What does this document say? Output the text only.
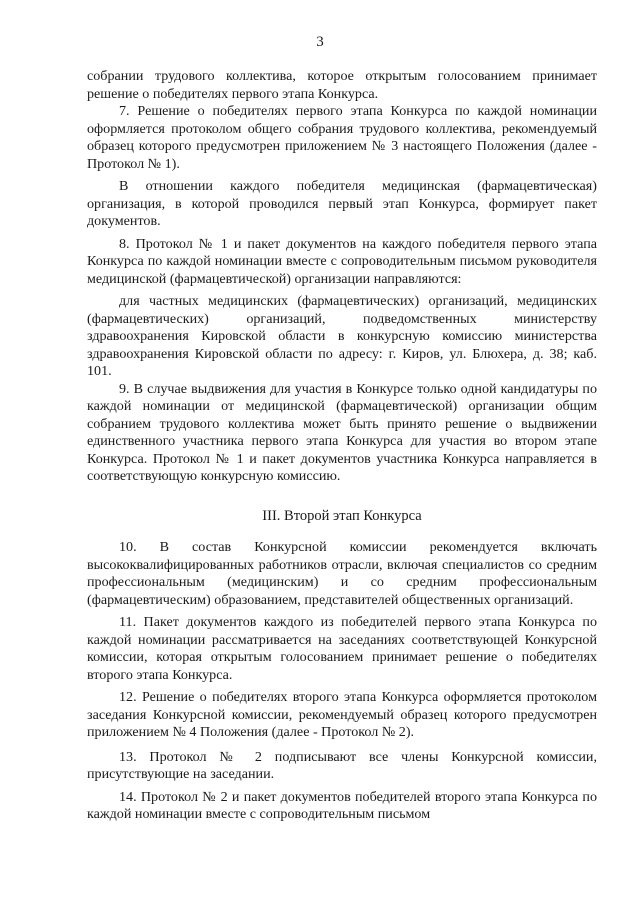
3

собрании трудового коллектива, которое открытым голосованием принимает решение о победителях первого этапа Конкурса.

7. Решение о победителях первого этапа Конкурса по каждой номинации оформляется протоколом общего собрания трудового коллектива, рекомендуемый образец которого предусмотрен приложением № 3 настоящего Положения (далее - Протокол № 1).

В отношении каждого победителя медицинская (фармацевтическая) организация, в которой проводился первый этап Конкурса, формирует пакет документов.

8. Протокол № 1 и пакет документов на каждого победителя первого этапа Конкурса по каждой номинации вместе с сопроводительным письмом руководителя медицинской (фармацевтической) организации направляются:

для частных медицинских (фармацевтических) организаций, медицинских (фармацевтических) организаций, подведомственных министерству здравоохранения Кировской области в конкурсную комиссию министерства здравоохранения Кировской области по адресу: г. Киров, ул. Блюхера, д. 38; каб. 101.

9. В случае выдвижения для участия в Конкурсе только одной кандидатуры по каждой номинации от медицинской (фармацевтической) организации общим собранием трудового коллектива может быть принято решение о выдвижении единственного участника первого этапа Конкурса для участия во втором этапе Конкурса. Протокол № 1 и пакет документов участника Конкурса направляется в соответствующую конкурсную комиссию.

III. Второй этап Конкурса

10. В состав Конкурсной комиссии рекомендуется включать высококвалифицированных работников отрасли, включая специалистов со средним профессиональным (медицинским) и со средним профессиональным (фармацевтическим) образованием, представителей общественных организаций.

11. Пакет документов каждого из победителей первого этапа Конкурса по каждой номинации рассматривается на заседаниях соответствующей Конкурсной комиссии, которая открытым голосованием принимает решение о победителях второго этапа Конкурса.

12. Решение о победителях второго этапа Конкурса оформляется протоколом заседания Конкурсной комиссии, рекомендуемый образец которого предусмотрен приложением № 4 Положения (далее - Протокол № 2).

13. Протокол № 2 подписывают все члены Конкурсной комиссии, присутствующие на заседании.

14. Протокол № 2 и пакет документов победителей второго этапа Конкурса по каждой номинации вместе с сопроводительным письмом
